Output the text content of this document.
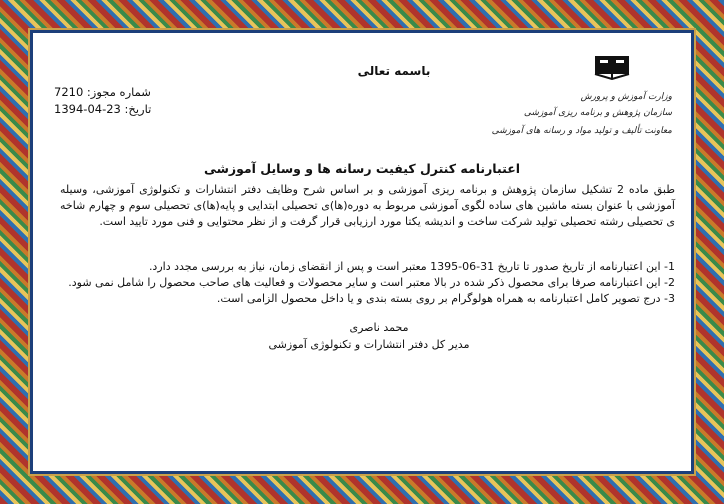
باسمه تعالی
شماره مجوز: 7210
تاریخ: 23-04-1394
وزارت آموزش و پرورش
سازمان پژوهش و برنامه ریزی آموزشی
معاونت تألیف و تولید مواد و رسانه های آموزشی
اعتبارنامه کنترل کیفیت رسانه ها و وسایل آموزشی
طبق ماده 2 تشکیل سازمان پژوهش و برنامه ریزی آموزشی و بر اساس شرح وظایف دفتر انتشارات و تکنولوژی آموزشی، وسیله آموزشی با عنوان بسته ماشین های ساده لگوی آموزشی مربوط به دوره(ها)ی تحصیلی ابتدایی و پایه(ها)ی تحصیلی سوم و چهارم شاخه ی تحصیلی رشته تحصیلی تولید شرکت ساخت و اندیشه یکتا مورد ارزیابی قرار گرفت و از نظر محتوایی و فنی مورد تایید است.
1- این اعتبارنامه از تاریخ صدور تا تاریخ 31-06-1395 معتبر است و پس از انقضای زمان، نیاز به بررسی مجدد دارد.
2- این اعتبارنامه صرفا برای محصول ذکر شده در بالا معتبر است و سایر محصولات و فعالیت های صاحب محصول را شامل نمی شود.
3- درج تصویر کامل اعتبارنامه به همراه هولوگرام بر روی بسته بندی و یا داخل محصول الزامی است.
محمد ناصری
مدیر کل دفتر انتشارات و تکنولوژی آموزشی
